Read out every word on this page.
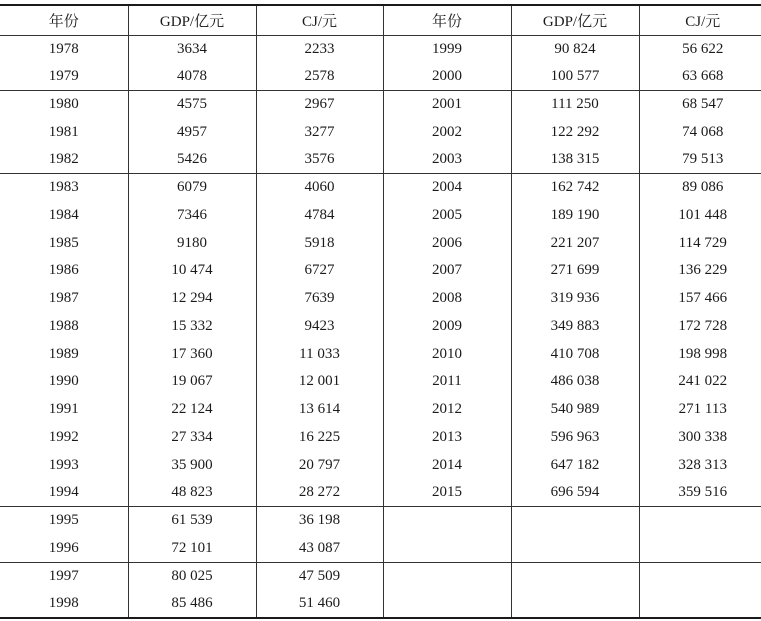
年份	GDP/亿元	CJ/元	年份	GDP/亿元	CJ/元
1978	3634	2233	1999	90 824	56 622
1979	4078	2578	2000	100 577	63 668
1980	4575	2967	2001	111 250	68 547
1981	4957	3277	2002	122 292	74 068
1982	5426	3576	2003	138 315	79 513
1983	6079	4060	2004	162 742	89 086
1984	7346	4784	2005	189 190	101 448
1985	9180	5918	2006	221 207	114 729
1986	10 474	6727	2007	271 699	136 229
1987	12 294	7639	2008	319 936	157 466
1988	15 332	9423	2009	349 883	172 728
1989	17 360	11 033	2010	410 708	198 998
1990	19 067	12 001	2011	486 038	241 022
1991	22 124	13 614	2012	540 989	271 113
1992	27 334	16 225	2013	596 963	300 338
1993	35 900	20 797	2014	647 182	328 313
1994	48 823	28 272	2015	696 594	359 516
1995	61 539	36 198			
1996	72 101	43 087			
1997	80 025	47 509			
1998	85 486	51 460			
